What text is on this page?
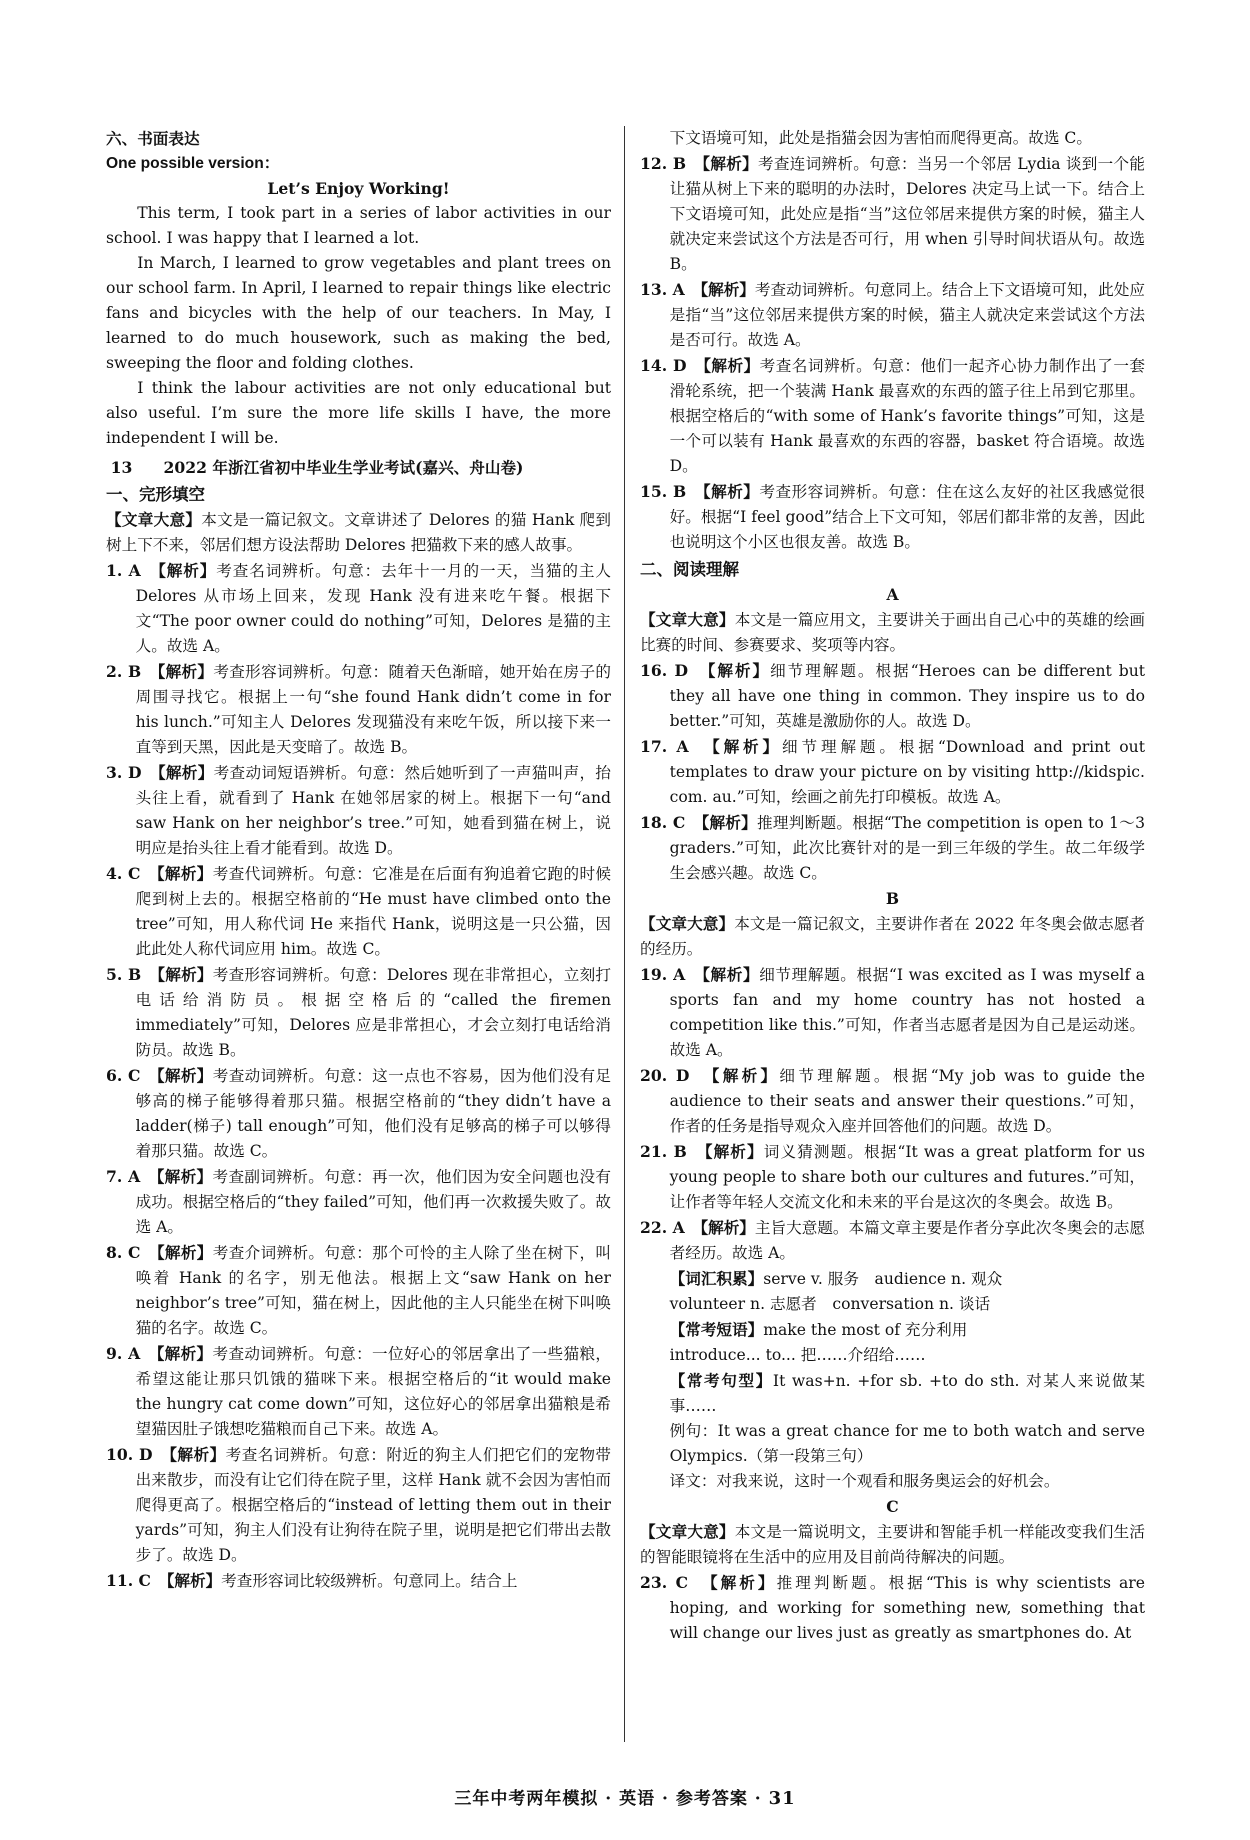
六、书面表达

One possible version：

Let’s Enjoy Working!

This term, I took part in a series of labor activities in our school. I was happy that I learned a lot.

In March, I learned to grow vegetables and plant trees on our school farm. In April, I learned to repair things like electric fans and bicycles with the help of our teachers. In May, I learned to do much housework, such as making the bed, sweeping the floor and folding clothes.

I think the labour activities are not only educational but also useful. I’m sure the more life skills I have, the more independent I will be.

13　　2022 年浙江省初中毕业生学业考试(嘉兴、舟山卷)

一、完形填空

【文章大意】本文是一篇记叙文。文章讲述了 Delores 的猫 Hank 爬到树上下不来，邻居们想方设法帮助 Delores 把猫救下来的感人故事。

1. A　 【解析】考查名词辨析。句意：去年十一月的一天，当猫的主人 Delores 从市场上回来，发现 Hank 没有进来吃午餐。根据下文“The poor owner could do nothing”可知，Delores 是猫的主人。故选 A。

2. B　 【解析】考查形容词辨析。句意：随着天色渐暗，她开始在房子的周围寻找它。根据上一句“she found Hank didn’t come in for his lunch.”可知主人 Delores 发现猫没有来吃午饭，所以接下来一直等到天黑，因此是天变暗了。故选 B。

3. D　 【解析】考查动词短语辨析。句意：然后她听到了一声猫叫声，抬头往上看，就看到了 Hank 在她邻居家的树上。根据下一句“and saw Hank on her neighbor’s tree.”可知，她看到猫在树上，说明应是抬头往上看才能看到。故选 D。

4. C　 【解析】考查代词辨析。句意：它准是在后面有狗追着它跑的时候爬到树上去的。根据空格前的“He must have climbed onto the tree”可知，用人称代词 He 来指代 Hank，说明这是一只公猫，因此此处人称代词应用 him。故选 C。

5. B　 【解析】考查形容词辨析。句意：Delores 现在非常担心，立刻打电话给消防员。根据空格后的“called the firemen immediately”可知，Delores 应是非常担心，才会立刻打电话给消防员。故选 B。

6. C　 【解析】考查动词辨析。句意：这一点也不容易，因为他们没有足够高的梯子能够得着那只猫。根据空格前的“they didn’t have a ladder(梯子) tall enough”可知，他们没有足够高的梯子可以够得着那只猫。故选 C。

7. A　 【解析】考查副词辨析。句意：再一次，他们因为安全问题也没有成功。根据空格后的“they failed”可知，他们再一次救援失败了。故选 A。

8. C　 【解析】考查介词辨析。句意：那个可怜的主人除了坐在树下，叫唤着 Hank 的名字，别无他法。根据上文“saw Hank on her neighbor’s tree”可知，猫在树上，因此他的主人只能坐在树下叫唤猫的名字。故选 C。

9. A　 【解析】考查动词辨析。句意：一位好心的邻居拿出了一些猫粮，希望这能让那只饥饿的猫咪下来。根据空格后的“it would make the hungry cat come down”可知，这位好心的邻居拿出猫粮是希望猫因肚子饿想吃猫粮而自己下来。故选 A。

10. D　 【解析】考查名词辨析。句意：附近的狗主人们把它们的宠物带出来散步，而没有让它们待在院子里，这样 Hank 就不会因为害怕而爬得更高了。根据空格后的“instead of letting them out in their yards”可知，狗主人们没有让狗待在院子里，说明是把它们带出去散步了。故选 D。

11. C　 【解析】考查形容词比较级辨析。句意同上。结合上

下文语境可知，此处是指猫会因为害怕而爬得更高。故选 C。

12. B　 【解析】考查连词辨析。句意：当另一个邻居 Lydia 谈到一个能让猫从树上下来的聪明的办法时，Delores 决定马上试一下。结合上下文语境可知，此处应是指“当”这位邻居来提供方案的时候，猫主人就决定来尝试这个方法是否可行，用 when 引导时间状语从句。故选 B。

13. A　 【解析】考查动词辨析。句意同上。结合上下文语境可知，此处应是指“当”这位邻居来提供方案的时候，猫主人就决定来尝试这个方法是否可行。故选 A。

14. D　 【解析】考查名词辨析。句意：他们一起齐心协力制作出了一套滑轮系统，把一个装满 Hank 最喜欢的东西的篮子往上吊到它那里。根据空格后的“with some of Hank’s favorite things”可知，这是一个可以装有 Hank 最喜欢的东西的容器，basket 符合语境。故选 D。

15. B　 【解析】考查形容词辨析。句意：住在这么友好的社区我感觉很好。根据“I feel good”结合上下文可知，邻居们都非常的友善，因此也说明这个小区也很友善。故选 B。

二、阅读理解

A

【文章大意】本文是一篇应用文，主要讲关于画出自己心中的英雄的绘画比赛的时间、参赛要求、奖项等内容。

16. D　 【解析】细节理解题。根据“Heroes can be different but they all have one thing in common. They inspire us to do better.”可知，英雄是激励你的人。故选 D。

17. A　 【解析】细节理解题。根据“Download and print out templates to draw your picture on by visiting http://kidspic. com. au.”可知，绘画之前先打印模板。故选 A。

18. C　 【解析】推理判断题。根据“The competition is open to 1～3 graders.”可知，此次比赛针对的是一到三年级的学生。故二年级学生会感兴趣。故选 C。

B

【文章大意】本文是一篇记叙文，主要讲作者在 2022 年冬奥会做志愿者的经历。

19. A　 【解析】细节理解题。根据“I was excited as I was myself a sports fan and my home country has not hosted a competition like this.”可知，作者当志愿者是因为自己是运动迷。故选 A。

20. D　 【解析】细节理解题。根据“My job was to guide the audience to their seats and answer their questions.”可知，作者的任务是指导观众入座并回答他们的问题。故选 D。

21. B　 【解析】词义猜测题。根据“It was a great platform for us young people to share both our cultures and futures.”可知，让作者等年轻人交流文化和未来的平台是这次的冬奥会。故选 B。

22. A　 【解析】主旨大意题。本篇文章主要是作者分享此次冬奥会的志愿者经历。故选 A。

【词汇积累】serve v. 服务　audience n. 观众

volunteer n. 志愿者　conversation n. 谈话

【常考短语】make the most of 充分利用

introduce... to... 把……介绍给……

【常考句型】It was+n. +for sb. +to do sth. 对某人来说做某事……

例句：It was a great chance for me to both watch and serve Olympics.（第一段第三句）

译文：对我来说，这时一个观看和服务奥运会的好机会。

C

【文章大意】本文是一篇说明文，主要讲和智能手机一样能改变我们生活的智能眼镜将在生活中的应用及目前尚待解决的问题。

23. C　 【解析】推理判断题。根据“This is why scientists are hoping, and working for something new, something that will change our lives just as greatly as smartphones do. At

三年中考两年模拟 · 英语 · 参考答案 · 31
